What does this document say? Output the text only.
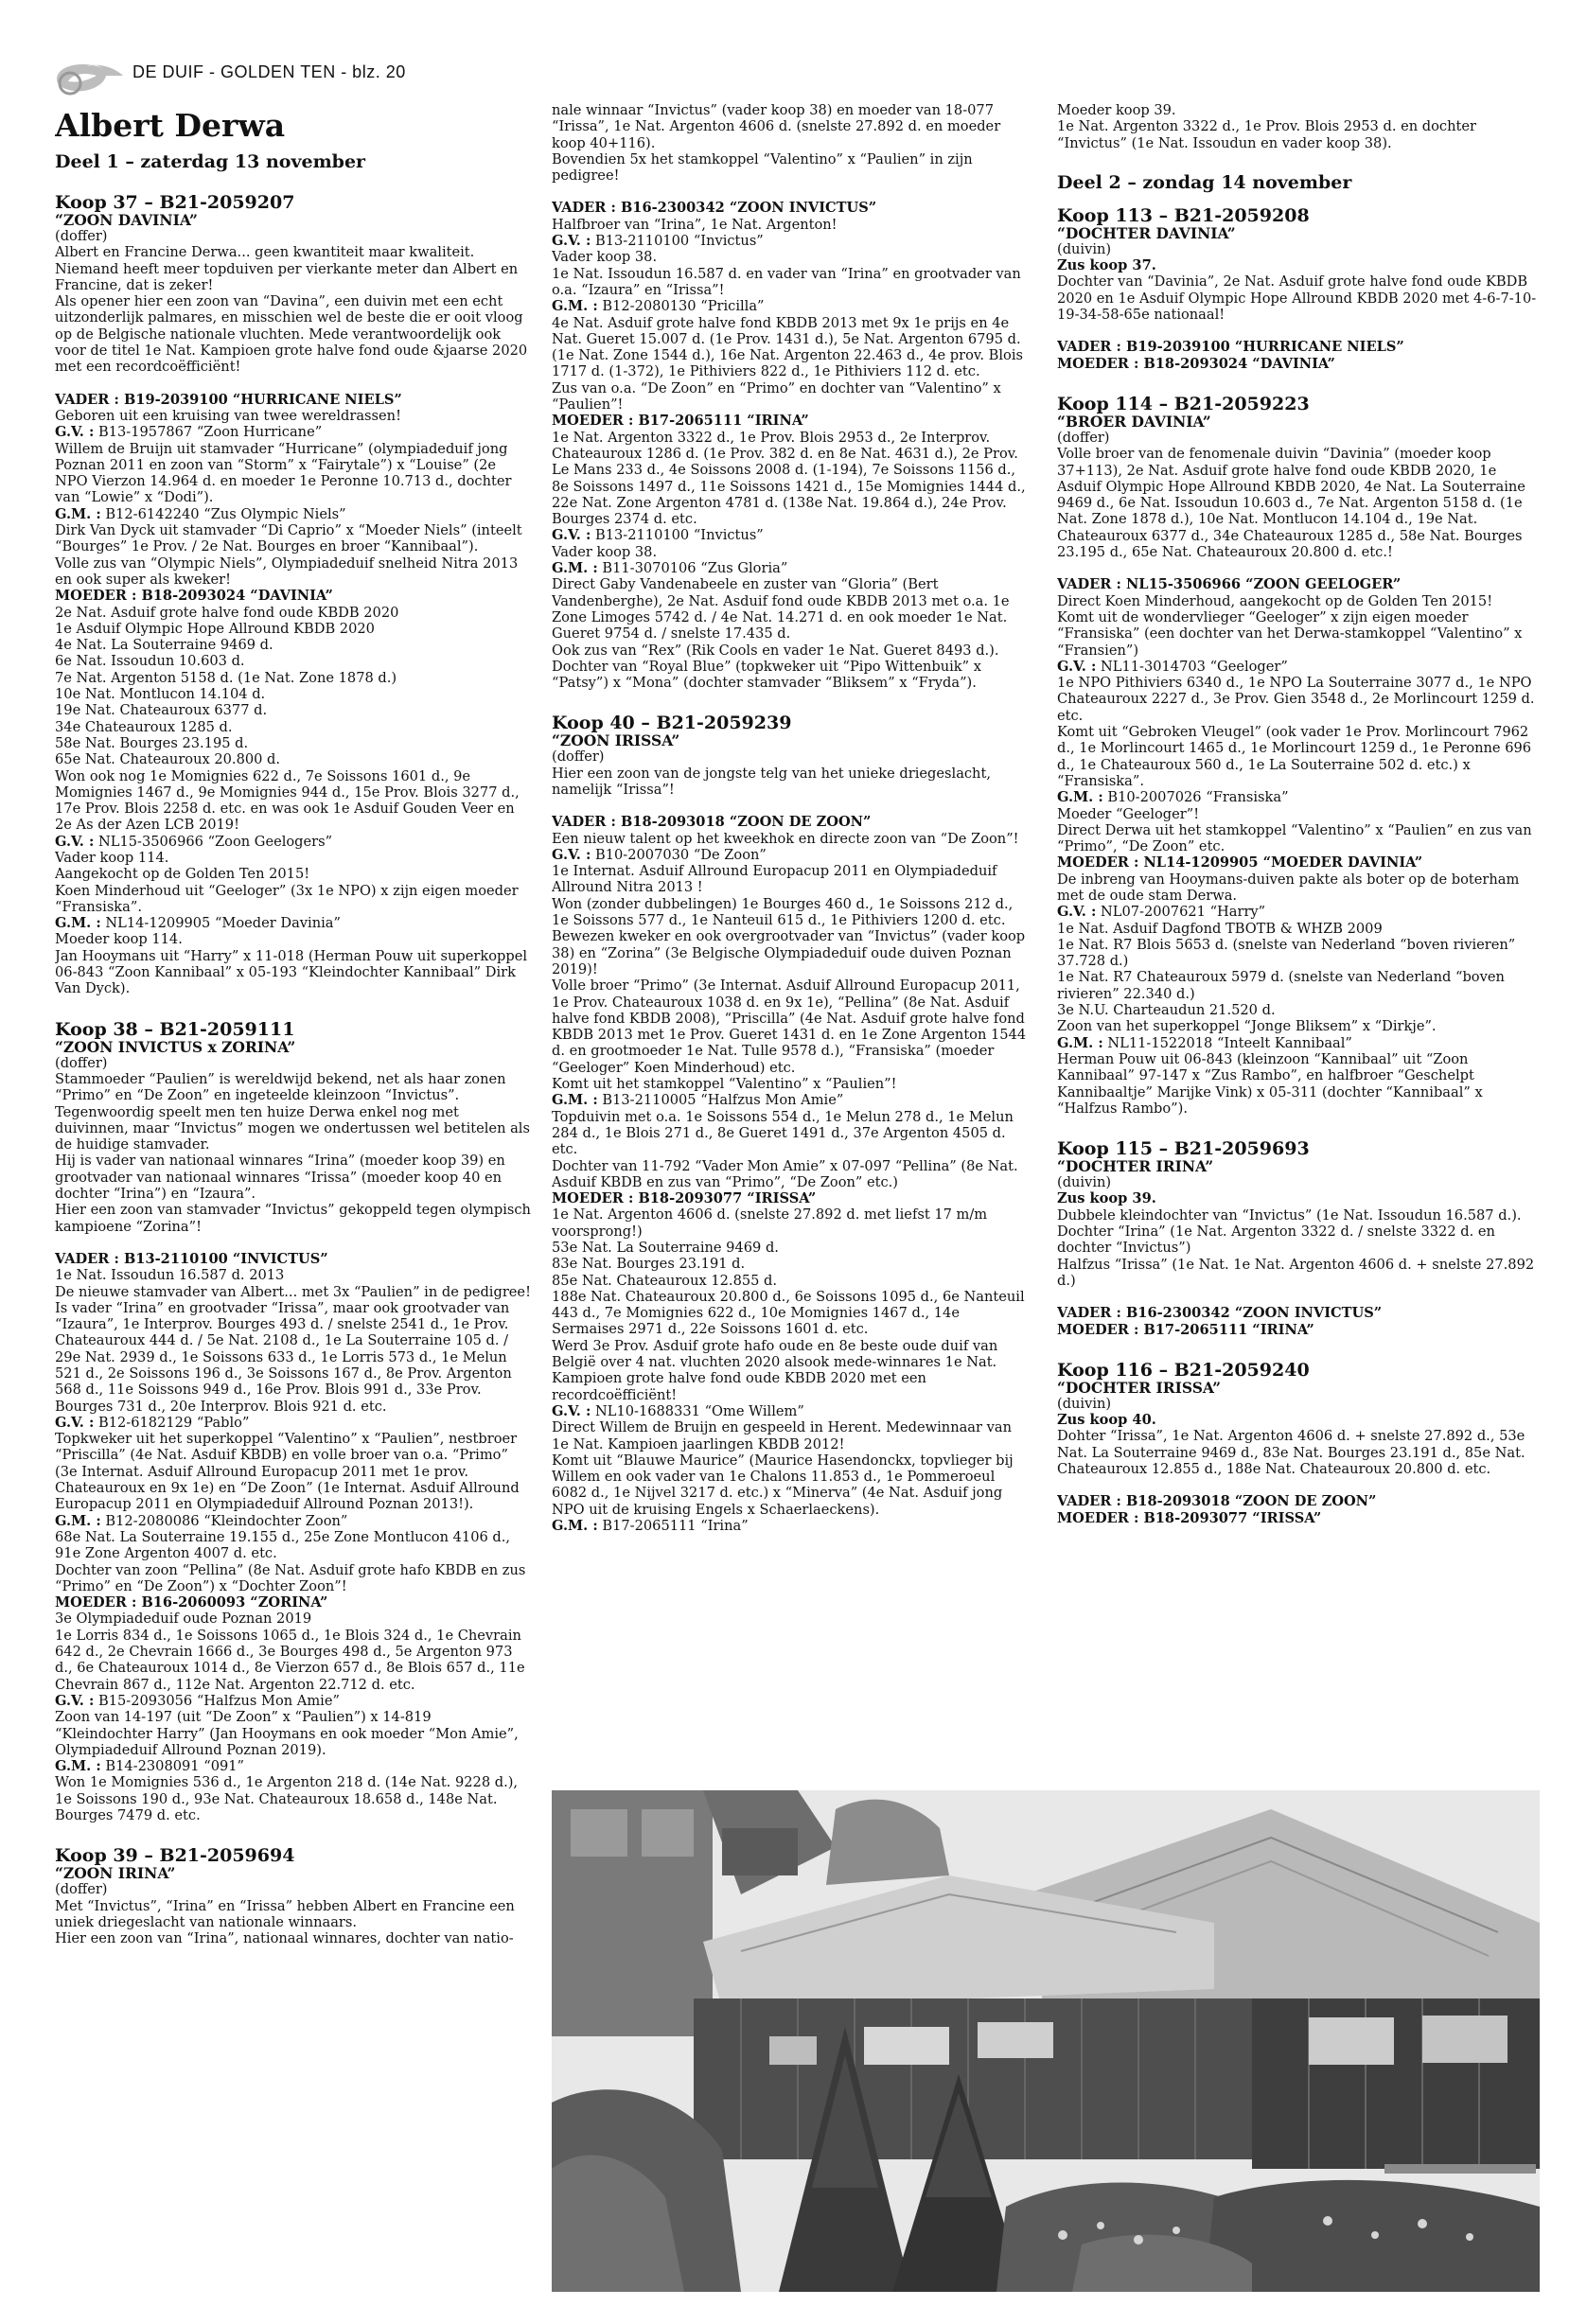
DE DUIF - GOLDEN TEN - blz. 20
Albert Derwa
Deel 1 – zaterdag 13 november
Koop 37 – B21-2059207
“ZOON DAVINIA”

(doffer)

Albert en Francine Derwa... geen kwantiteit maar kwaliteit. Niemand heeft meer topduiven per vierkante meter dan Albert en Francine, dat is zeker!

Als opener hier een zoon van “Davina”, een duivin met een echt uitzonderlijk palmares, en misschien wel de beste die er ooit vloog op de Belgische nationale vluchten. Mede verantwoordelijk ook voor de titel 1e Nat. Kampioen grote halve fond oude &jaarse 2020 met een recordcoëfficiënt!

VADER : B19-2039100 “HURRICANE NIELS”

Geboren uit een kruising van twee wereldrassen!

G.V. : B13-1957867 “Zoon Hurricane”

Willem de Bruijn uit stamvader “Hurricane” (olympiadeduif jong Poznan 2011 en zoon van “Storm” x “Fairytale”) x “Louise” (2e NPO Vierzon 14.964 d. en moeder 1e Peronne 10.713 d., dochter van “Lowie” x “Dodi”).

G.M. : B12-6142240 “Zus Olympic Niels”

Dirk Van Dyck uit stamvader “Di Caprio” x “Moeder Niels” (inteelt “Bourges” 1e Prov. / 2e Nat. Bourges en broer “Kannibaal”).

Volle zus van “Olympic Niels”, Olympiadeduif snelheid Nitra 2013 en ook super als kweker!

MOEDER : B18-2093024 “DAVINIA”

2e Nat. Asduif grote halve fond oude KBDB 2020

1e Asduif Olympic Hope Allround KBDB 2020

4e Nat. La Souterraine 9469 d.

6e Nat. Issoudun 10.603 d.

7e Nat. Argenton 5158 d. (1e Nat. Zone 1878 d.)

10e Nat. Montlucon 14.104 d.

19e Nat. Chateauroux 6377 d.

34e Chateauroux 1285 d.

58e Nat. Bourges 23.195 d.

65e Nat. Chateauroux 20.800 d.

Won ook nog 1e Momignies 622 d., 7e Soissons 1601 d., 9e Momignies 1467 d., 9e Momignies 944 d., 15e Prov. Blois 3277 d., 17e Prov. Blois 2258 d. etc. en was ook 1e Asduif Gouden Veer en 2e As der Azen LCB 2019!

G.V. : NL15-3506966 “Zoon Geelogers”

Vader koop 114.

Aangekocht op de Golden Ten 2015!

Koen Minderhoud uit “Geeloger” (3x 1e NPO) x zijn eigen moeder “Fransiska”.

G.M. : NL14-1209905 “Moeder Davinia”

Moeder koop 114.

Jan Hooymans uit “Harry” x 11-018 (Herman Pouw uit superkoppel 06-843 “Zoon Kannibaal” x 05-193 “Kleindochter Kannibaal” Dirk Van Dyck).

Koop 38 – B21-2059111
“ZOON INVICTUS x ZORINA”

(doffer)

Stammoeder “Paulien” is wereldwijd bekend, net als haar zonen “Primo” en “De Zoon” en ingeteelde kleinzoon “Invictus”.

Tegenwoordig speelt men ten huize Derwa enkel nog met duivinnen, maar “Invictus” mogen we ondertussen wel betitelen als de huidige stamvader.

Hij is vader van nationaal winnares “Irina” (moeder koop 39) en grootvader van nationaal winnares “Irissa” (moeder koop 40 en dochter “Irina”) en “Izaura”.

Hier een zoon van stamvader “Invictus” gekoppeld tegen olympisch kampioene “Zorina”!

VADER : B13-2110100 “INVICTUS”

1e Nat. Issoudun 16.587 d. 2013

De nieuwe stamvader van Albert... met 3x “Paulien” in de pedigree!

Is vader “Irina” en grootvader “Irissa”, maar ook grootvader van “Izaura”, 1e Interprov. Bourges 493 d. / snelste 2541 d., 1e Prov. Chateauroux 444 d. / 5e Nat. 2108 d., 1e La Souterraine 105 d. / 29e Nat. 2939 d., 1e Soissons 633 d., 1e Lorris 573 d., 1e Melun 521 d., 2e Soissons 196 d., 3e Soissons 167 d., 8e Prov. Argenton 568 d., 11e Soissons 949 d., 16e Prov. Blois 991 d., 33e Prov. Bourges 731 d., 20e Interprov. Blois 921 d. etc.

G.V. : B12-6182129 “Pablo”

Topkweker uit het superkoppel “Valentino” x “Paulien”, nestbroer “Priscilla” (4e Nat. Asduif KBDB) en volle broer van o.a. “Primo” (3e Internat. Asduif Allround Europacup 2011 met 1e prov. Chateauroux en 9x 1e) en “De Zoon” (1e Internat. Asduif Allround Europacup 2011 en Olympiadeduif Allround Poznan 2013!).

G.M. : B12-2080086 “Kleindochter Zoon”

68e Nat. La Souterraine 19.155 d., 25e Zone Montlucon 4106 d., 91e Zone Argenton 4007 d. etc.

Dochter van zoon “Pellina” (8e Nat. Asduif grote hafo KBDB en zus “Primo” en “De Zoon”) x “Dochter Zoon”!

MOEDER : B16-2060093 “ZORINA”

3e Olympiadeduif oude Poznan 2019

1e Lorris 834 d., 1e Soissons 1065 d., 1e Blois 324 d., 1e Chevrain 642 d., 2e Chevrain 1666 d., 3e Bourges 498 d., 5e Argenton 973 d., 6e Chateauroux 1014 d., 8e Vierzon 657 d., 8e Blois 657 d., 11e Chevrain 867 d., 112e Nat. Argenton 22.712 d. etc.

G.V. : B15-2093056 “Halfzus Mon Amie”

Zoon van 14-197 (uit “De Zoon” x “Paulien”) x 14-819 “Kleindochter Harry” (Jan Hooymans en ook moeder “Mon Amie”, Olympiadeduif Allround Poznan 2019).

G.M. : B14-2308091 “091”

Won 1e Momignies 536 d., 1e Argenton 218 d. (14e Nat. 9228 d.), 1e Soissons 190 d., 93e Nat. Chateauroux 18.658 d., 148e Nat. Bourges 7479 d. etc.

Koop 39 – B21-2059694
“ZOON IRINA”

(doffer)

Met “Invictus”, “Irina” en “Irissa” hebben Albert en Francine een uniek driegeslacht van nationale winnaars.

Hier een zoon van “Irina”, nationaal winnares, dochter van natio-

nale winnaar “Invictus” (vader koop 38) en moeder van 18-077 “Irissa”, 1e Nat. Argenton 4606 d. (snelste 27.892 d. en moeder koop 40+116).

Bovendien 5x het stamkoppel “Valentino” x “Paulien” in zijn pedigree!

VADER : B16-2300342 “ZOON INVICTUS”

Halfbroer van “Irina”, 1e Nat. Argenton!

G.V. : B13-2110100 “Invictus”

Vader koop 38.

1e Nat. Issoudun 16.587 d. en vader van “Irina” en grootvader van o.a. “Izaura” en “Irissa”!

G.M. : B12-2080130 “Pricilla”

4e Nat. Asduif grote halve fond KBDB 2013 met 9x 1e prijs en 4e Nat. Gueret 15.007 d. (1e Prov. 1431 d.), 5e Nat. Argenton 6795 d. (1e Nat. Zone 1544 d.), 16e Nat. Argenton 22.463 d., 4e prov. Blois 1717 d. (1-372), 1e Pithiviers 822 d., 1e Pithiviers 112 d. etc.

Zus van o.a. “De Zoon” en “Primo” en dochter van “Valentino” x “Paulien”!

MOEDER : B17-2065111 “IRINA”

1e Nat. Argenton 3322 d., 1e Prov. Blois 2953 d., 2e Interprov. Chateauroux 1286 d. (1e Prov. 382 d. en 8e Nat. 4631 d.), 2e Prov. Le Mans 233 d., 4e Soissons 2008 d. (1-194), 7e Soissons 1156 d., 8e Soissons 1497 d., 11e Soissons 1421 d., 15e Momignies 1444 d., 22e Nat. Zone Argenton 4781 d. (138e Nat. 19.864 d.), 24e Prov. Bourges 2374 d. etc.

G.V. : B13-2110100 “Invictus”

Vader koop 38.

G.M. : B11-3070106 “Zus Gloria”

Direct Gaby Vandenabeele en zuster van “Gloria” (Bert Vandenberghe), 2e Nat. Asduif fond oude KBDB 2013 met o.a. 1e Zone Limoges 5742 d. / 4e Nat. 14.271 d. en ook moeder 1e Nat. Gueret 9754 d. / snelste 17.435 d.

Ook zus van “Rex” (Rik Cools en vader 1e Nat. Gueret 8493 d.). Dochter van “Royal Blue” (topkweker uit “Pipo Wittenbuik” x “Patsy”) x “Mona” (dochter stamvader “Bliksem” x “Fryda”).

Koop 40 – B21-2059239
“ZOON IRISSA”

(doffer)

Hier een zoon van de jongste telg van het unieke driegeslacht, namelijk “Irissa”!

VADER : B18-2093018 “ZOON DE ZOON”

Een nieuw talent op het kweekhok en directe zoon van “De Zoon”!

G.V. : B10-2007030 “De Zoon”

1e Internat. Asduif Allround Europacup 2011 en Olympiadeduif Allround Nitra 2013 !

Won (zonder dubbelingen) 1e Bourges 460 d., 1e Soissons 212 d., 1e Soissons 577 d., 1e Nanteuil 615 d., 1e Pithiviers 1200 d. etc. Bewezen kweker en ook overgrootvader van “Invictus” (vader koop 38) en “Zorina” (3e Belgische Olympiadeduif oude duiven Poznan 2019)!

Volle broer “Primo” (3e Internat. Asduif Allround Europacup 2011, 1e Prov. Chateauroux 1038 d. en 9x 1e), “Pellina” (8e Nat. Asduif halve fond KBDB 2008), “Priscilla” (4e Nat. Asduif grote halve fond KBDB 2013 met 1e Prov. Gueret 1431 d. en 1e Zone Argenton 1544 d. en grootmoeder 1e Nat. Tulle 9578 d.), “Fransiska” (moeder “Geeloger” Koen Minderhoud) etc.

Komt uit het stamkoppel “Valentino” x “Paulien”!

G.M. : B13-2110005 “Halfzus Mon Amie”

Topduivin met o.a. 1e Soissons 554 d., 1e Melun 278 d., 1e Melun 284 d., 1e Blois 271 d., 8e Gueret 1491 d., 37e Argenton 4505 d. etc.

Dochter van 11-792 “Vader Mon Amie” x 07-097 “Pellina” (8e Nat. Asduif KBDB en zus van “Primo”, “De Zoon” etc.)

MOEDER : B18-2093077 “IRISSA”

1e Nat. Argenton 4606 d. (snelste 27.892 d. met liefst 17 m/m voorsprong!)

53e Nat. La Souterraine 9469 d.

83e Nat. Bourges 23.191 d.

85e Nat. Chateauroux 12.855 d.

188e Nat. Chateauroux 20.800 d., 6e Soissons 1095 d., 6e Nanteuil 443 d., 7e Momignies 622 d., 10e Momignies 1467 d., 14e Sermaises 2971 d., 22e Soissons 1601 d. etc.

Werd 3e Prov. Asduif grote hafo oude en 8e beste oude duif van België over 4 nat. vluchten 2020 alsook mede-winnares 1e Nat. Kampioen grote halve fond oude KBDB 2020 met een recordcoëfficiënt!

G.V. : NL10-1688331 “Ome Willem”

Direct Willem de Bruijn en gespeeld in Herent. Medewinnaar van 1e Nat. Kampioen jaarlingen KBDB 2012!

Komt uit “Blauwe Maurice” (Maurice Hasendonckx, topvlieger bij Willem en ook vader van 1e Chalons 11.853 d., 1e Pommeroeul 6082 d., 1e Nijvel 3217 d. etc.) x “Minerva” (4e Nat. Asduif jong NPO uit de kruising Engels x Schaerlaeckens).

G.M. : B17-2065111 “Irina”

Moeder koop 39.

1e Nat. Argenton 3322 d., 1e Prov. Blois 2953 d. en dochter “Invictus” (1e Nat. Issoudun en vader koop 38).

Deel 2 – zondag 14 november
Koop 113 – B21-2059208
“DOCHTER DAVINIA”

(duivin)

Zus koop 37.

Dochter van “Davinia”, 2e Nat. Asduif grote halve fond oude KBDB 2020 en 1e Asduif Olympic Hope Allround KBDB 2020 met 4-6-7-10-19-34-58-65e nationaal!

VADER : B19-2039100 “HURRICANE NIELS”

MOEDER : B18-2093024 “DAVINIA”

Koop 114 – B21-2059223
“BROER DAVINIA”

(doffer)

Volle broer van de fenomenale duivin “Davinia” (moeder koop 37+113), 2e Nat. Asduif grote halve fond oude KBDB 2020, 1e Asduif Olympic Hope Allround KBDB 2020, 4e Nat. La Souterraine 9469 d., 6e Nat. Issoudun 10.603 d., 7e Nat. Argenton 5158 d. (1e Nat. Zone 1878 d.), 10e Nat. Montlucon 14.104 d., 19e Nat. Chateauroux 6377 d., 34e Chateauroux 1285 d., 58e Nat. Bourges 23.195 d., 65e Nat. Chateauroux 20.800 d. etc.!

VADER : NL15-3506966 “ZOON GEELOGER”

Direct Koen Minderhoud, aangekocht op de Golden Ten 2015!

Komt uit de wondervlieger “Geeloger” x zijn eigen moeder “Fransiska” (een dochter van het Derwa-stamkoppel “Valentino” x “Fransien”)

G.V. : NL11-3014703 “Geeloger”

1e NPO Pithiviers 6340 d., 1e NPO La Souterraine 3077 d., 1e NPO Chateauroux 2227 d., 3e Prov. Gien 3548 d., 2e Morlincourt 1259 d. etc.

Komt uit “Gebroken Vleugel” (ook vader 1e Prov. Morlincourt 7962 d., 1e Morlincourt 1465 d., 1e Morlincourt 1259 d., 1e Peronne 696 d., 1e Chateauroux 560 d., 1e La Souterraine 502 d. etc.) x “Fransiska”.

G.M. : B10-2007026 “Fransiska”

Moeder “Geeloger”!

Direct Derwa uit het stamkoppel “Valentino” x “Paulien” en zus van “Primo”, “De Zoon” etc.

MOEDER : NL14-1209905 “MOEDER DAVINIA”

De inbreng van Hooymans-duiven pakte als boter op de boterham met de oude stam Derwa.

G.V. : NL07-2007621 “Harry”

1e Nat. Asduif Dagfond TBOTB & WHZB 2009

1e Nat. R7 Blois 5653 d. (snelste van Nederland “boven rivieren” 37.728 d.)

1e Nat. R7 Chateauroux 5979 d. (snelste van Nederland “boven rivieren” 22.340 d.)

3e N.U. Charteaudun 21.520 d.

Zoon van het superkoppel “Jonge Bliksem” x “Dirkje”.

G.M. : NL11-1522018 “Inteelt Kannibaal”

Herman Pouw uit 06-843 (kleinzoon “Kannibaal” uit “Zoon Kannibaal” 97-147 x “Zus Rambo”, en halfbroer “Geschelpt Kannibaaltje” Marijke Vink) x 05-311 (dochter “Kannibaal” x “Halfzus Rambo”).

Koop 115 – B21-2059693
“DOCHTER IRINA”

(duivin)

Zus koop 39.

Dubbele kleindochter van “Invictus” (1e Nat. Issoudun 16.587 d.). Dochter “Irina” (1e Nat. Argenton 3322 d. / snelste 3322 d. en dochter “Invictus”)

Halfzus “Irissa” (1e Nat. 1e Nat. Argenton 4606 d. + snelste 27.892 d.)

VADER : B16-2300342 “ZOON INVICTUS”

MOEDER : B17-2065111 “IRINA”

Koop 116 – B21-2059240
“DOCHTER IRISSA”

(duivin)

Zus koop 40.

Dohter “Irissa”, 1e Nat. Argenton 4606 d. + snelste 27.892 d., 53e Nat. La Souterraine 9469 d., 83e Nat. Bourges 23.191 d., 85e Nat. Chateauroux 12.855 d., 188e Nat. Chateauroux 20.800 d. etc.

VADER : B18-2093018 “ZOON DE ZOON”

MOEDER : B18-2093077 “IRISSA”
